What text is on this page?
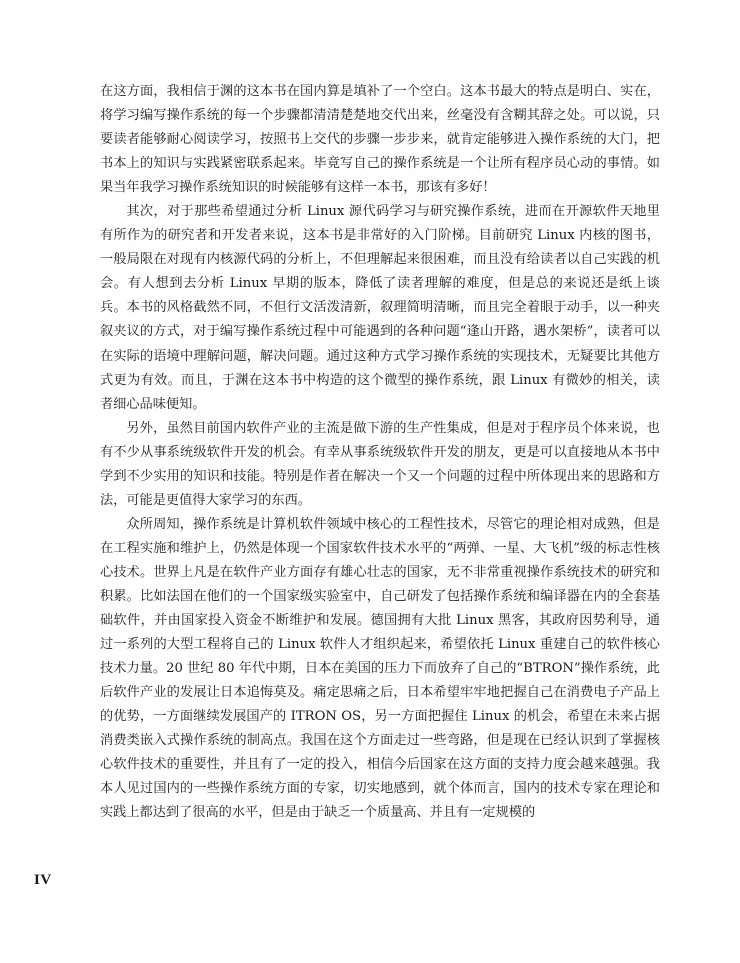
在这方面，我相信于渊的这本书在国内算是填补了一个空白。这本书最大的特点是明白、实在，将学习编写操作系统的每一个步骤都清清楚楚地交代出来，丝毫没有含糊其辞之处。可以说，只要读者能够耐心阅读学习，按照书上交代的步骤一步步来，就肯定能够进入操作系统的大门，把书本上的知识与实践紧密联系起来。毕竟写自己的操作系统是一个让所有程序员心动的事情。如果当年我学习操作系统知识的时候能够有这样一本书，那该有多好！

其次，对于那些希望通过分析 Linux 源代码学习与研究操作系统，进而在开源软件天地里有所作为的研究者和开发者来说，这本书是非常好的入门阶梯。目前研究 Linux 内核的图书，一般局限在对现有内核源代码的分析上，不但理解起来很困难，而且没有给读者以自己实践的机会。有人想到去分析 Linux 早期的版本，降低了读者理解的难度，但是总的来说还是纸上谈兵。本书的风格截然不同，不但行文活泼清新，叙理简明清晰，而且完全着眼于动手，以一种夹叙夹议的方式，对于编写操作系统过程中可能遇到的各种问题“逢山开路，遇水架桥”，读者可以在实际的语境中理解问题，解决问题。通过这种方式学习操作系统的实现技术，无疑要比其他方式更为有效。而且，于渊在这本书中构造的这个微型的操作系统，跟 Linux 有微妙的相关，读者细心品味便知。

另外，虽然目前国内软件产业的主流是做下游的生产性集成，但是对于程序员个体来说，也有不少从事系统级软件开发的机会。有幸从事系统级软件开发的朋友，更是可以直接地从本书中学到不少实用的知识和技能。特别是作者在解决一个又一个问题的过程中所体现出来的思路和方法，可能是更值得大家学习的东西。

众所周知，操作系统是计算机软件领域中核心的工程性技术，尽管它的理论相对成熟，但是在工程实施和维护上，仍然是体现一个国家软件技术水平的“两弹、一星、大飞机”级的标志性核心技术。世界上凡是在软件产业方面存有雄心壮志的国家，无不非常重视操作系统技术的研究和积累。比如法国在他们的一个国家级实验室中，自己研发了包括操作系统和编译器在内的全套基础软件，并由国家投入资金不断维护和发展。德国拥有大批 Linux 黑客，其政府因势利导，通过一系列的大型工程将自己的 Linux 软件人才组织起来，希望依托 Linux 重建自己的软件核心技术力量。20 世纪 80 年代中期，日本在美国的压力下而放弃了自己的“BTRON”操作系统，此后软件产业的发展让日本追悔莫及。痛定思痛之后，日本希望牢牢地把握自己在消费电子产品上的优势，一方面继续发展国产的 ITRON OS，另一方面把握住 Linux 的机会，希望在未来占据消费类嵌入式操作系统的制高点。我国在这个方面走过一些弯路，但是现在已经认识到了掌握核心软件技术的重要性，并且有了一定的投入，相信今后国家在这方面的支持力度会越来越强。我本人见过国内的一些操作系统方面的专家，切实地感到，就个体而言，国内的技术专家在理论和实践上都达到了很高的水平，但是由于缺乏一个质量高、并且有一定规模的

IV
